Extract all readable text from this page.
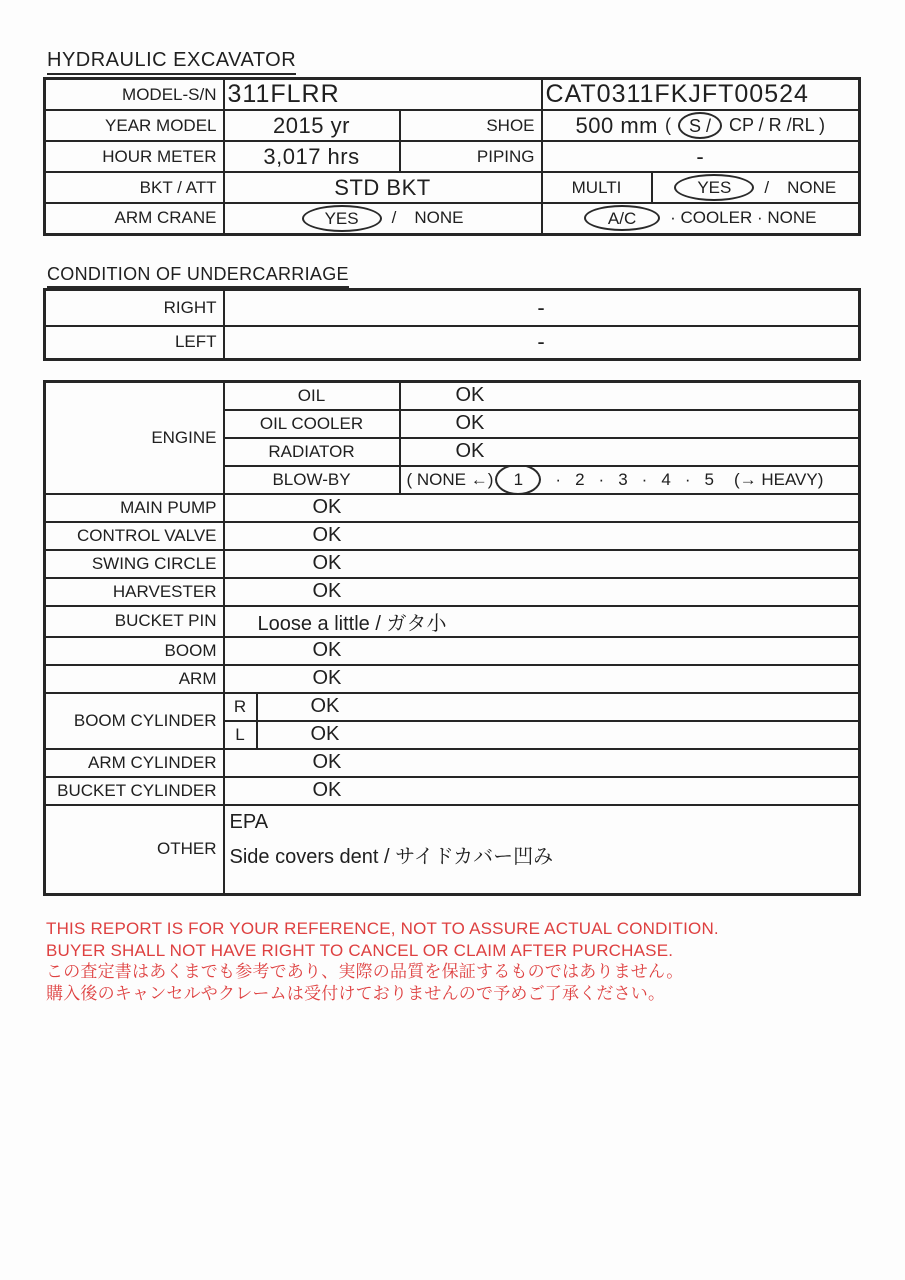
HYDRAULIC EXCAVATOR
MODEL-S/N	311FLRR		CAT0311FKJFT00524	
YEAR MODEL	2015 yr	SHOE	500 mm ( S / CP / R /RL )	

HOUR METER	3,017 hrs	PIPING	-	
BKT / ATT	STD BKT		MULTI	YES / NONE

ARM CRANE	YES / NONE		A/C · COOLER · NONE	
CONDITION OF UNDERCARRIAGE
RIGHT	-
LEFT	-
ENGINE	OIL		OK
	OIL COOLER		OK
	RADIATOR		OK
BLOW-BY	( NONE ←)	1	· 2 · 3 · 4 · 5 (→ HEAVY)

MAIN PUMP	OK		
CONTROL VALVE	OK		
SWING CIRCLE	OK		
HARVESTER	OK		
BUCKET PIN	Loose a little / ガタ小		
BOOM	OK		
ARM	OK		
BOOM CYLINDER	R	OK	
	L	OK	
ARM CYLINDER	OK		
BUCKET CYLINDER	OK		
OTHER	EPA
Side covers dent / サイドカバー凹み		
THIS REPORT IS FOR YOUR REFERENCE, NOT TO ASSURE ACTUAL CONDITION.
BUYER SHALL NOT HAVE RIGHT TO CANCEL OR CLAIM AFTER PURCHASE.
この査定書はあくまでも参考であり、実際の品質を保証するものではありません。
購入後のキャンセルやクレームは受付けておりませんので予めご了承ください。
